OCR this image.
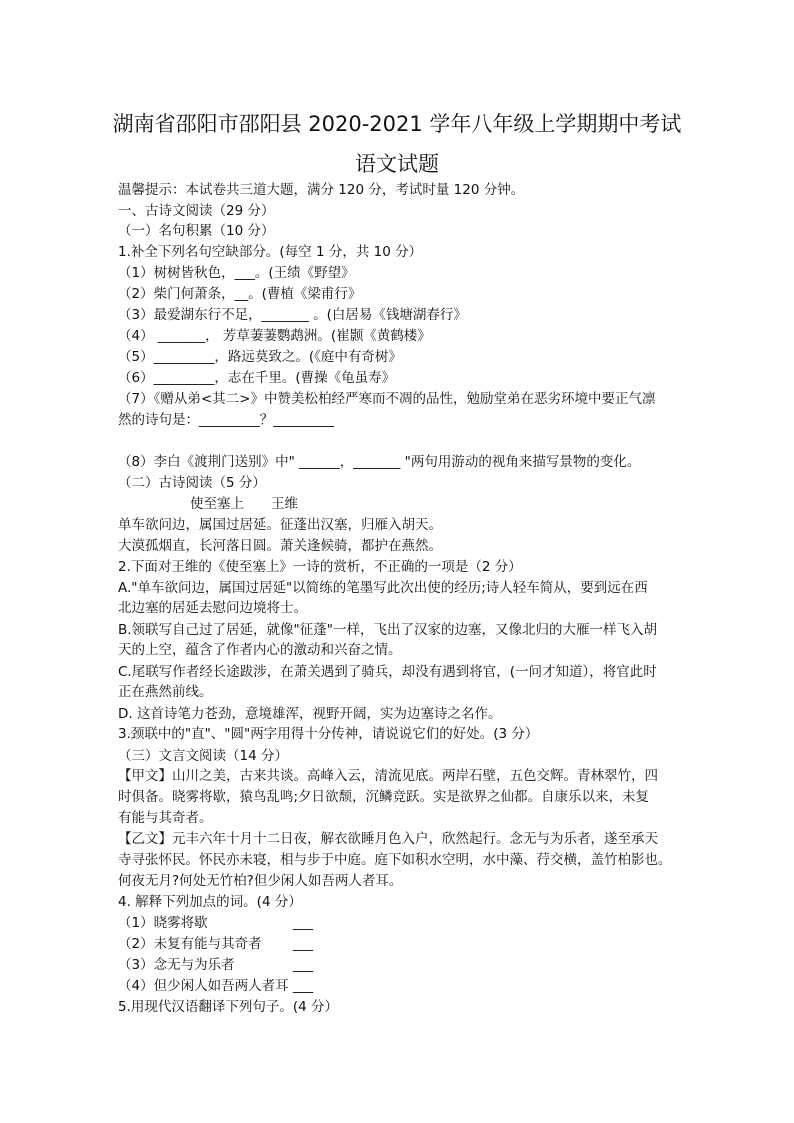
湖南省邵阳市邵阳县 2020-2021 学年八年级上学期期中考试
语文试题
温馨提示：本试卷共三道大题，满分 120 分，考试时量 120 分钟。
一、古诗文阅读（29 分）
（一）名句积累（10 分）
1.补全下列名句空缺部分。(每空 1 分，共 10 分）
（1）树树皆秋色，___。(王绩《野望》
（2）柴门何萧条，__。(曹植《梁甫行》
（3）最爱湖东行不足，_______ 。(白居易《钱塘湖春行》
（4） _______， 芳草萋萋鹦鹉洲。(崔颢《黄鹤楼》
（5）_________，路远莫致之。(《庭中有奇树》
（6）_________，志在千里。(曹操《龟虽寿》
（7）《赠从弟<其二>》中赞美松柏经严寒而不凋的品性，勉励堂弟在恶劣环境中要正气凛
然的诗句是：_________？_________
（8）李白《渡荆门送别》中" ______，_______ "两句用游动的视角来描写景物的变化。
（二）古诗阅读（5 分）
使至塞上　　王维
单车欲问边，属国过居延。征蓬出汉塞，归雁入胡天。
大漠孤烟直，长河落日圆。萧关逢候骑，都护在燕然。
2.下面对王维的《使至塞上》一诗的赏析，不正确的一项是（2 分）
A."单车欲问边，属国过居延"以简练的笔墨写此次出使的经历;诗人轻车简从，要到远在西
北边塞的居延去慰问边境将士。
B.领联写自己过了居延，就像"征蓬"一样，飞出了汉家的边塞，又像北归的大雁一样飞入胡
天的上空，蕴含了作者内心的激动和兴奋之情。
C.尾联写作者经长途跋涉，在萧关遇到了骑兵，却没有遇到将官，(一问才知道），将官此时
正在燕然前线。
D. 这首诗笔力苍劲，意境雄浑，视野开阔，实为边塞诗之名作。
3.颈联中的"直"、"圆"两字用得十分传神，请说说它们的好处。(3 分）
（三）文言文阅读（14 分）
【甲文】山川之美，古来共谈。高峰入云，清流见底。两岸石壁，五色交辉。青林翠竹，四
时俱备。晓雾将歇，猿鸟乱鸣;夕日欲颓，沉鳞竞跃。实是欲界之仙都。自康乐以来，未复
有能与其奇者。
【乙文】元丰六年十月十二日夜，解衣欲睡月色入户，欣然起行。念无与为乐者，遂至承天
寺寻张怀民。怀民亦未寝，相与步于中庭。庭下如积水空明，水中藻、荇交横，盖竹柏影也。
何夜无月?何处无竹柏?但少闲人如吾两人者耳。
4. 解释下列加点的词。(4 分）
（1）晓雾将歇　　　　　　 ___
（2）未复有能与其奇者　　 ___
（3）念无与为乐者　　　　 ___
（4）但少闲人如吾两人者耳 ___
5.用现代汉语翻译下列句子。(4 分）
